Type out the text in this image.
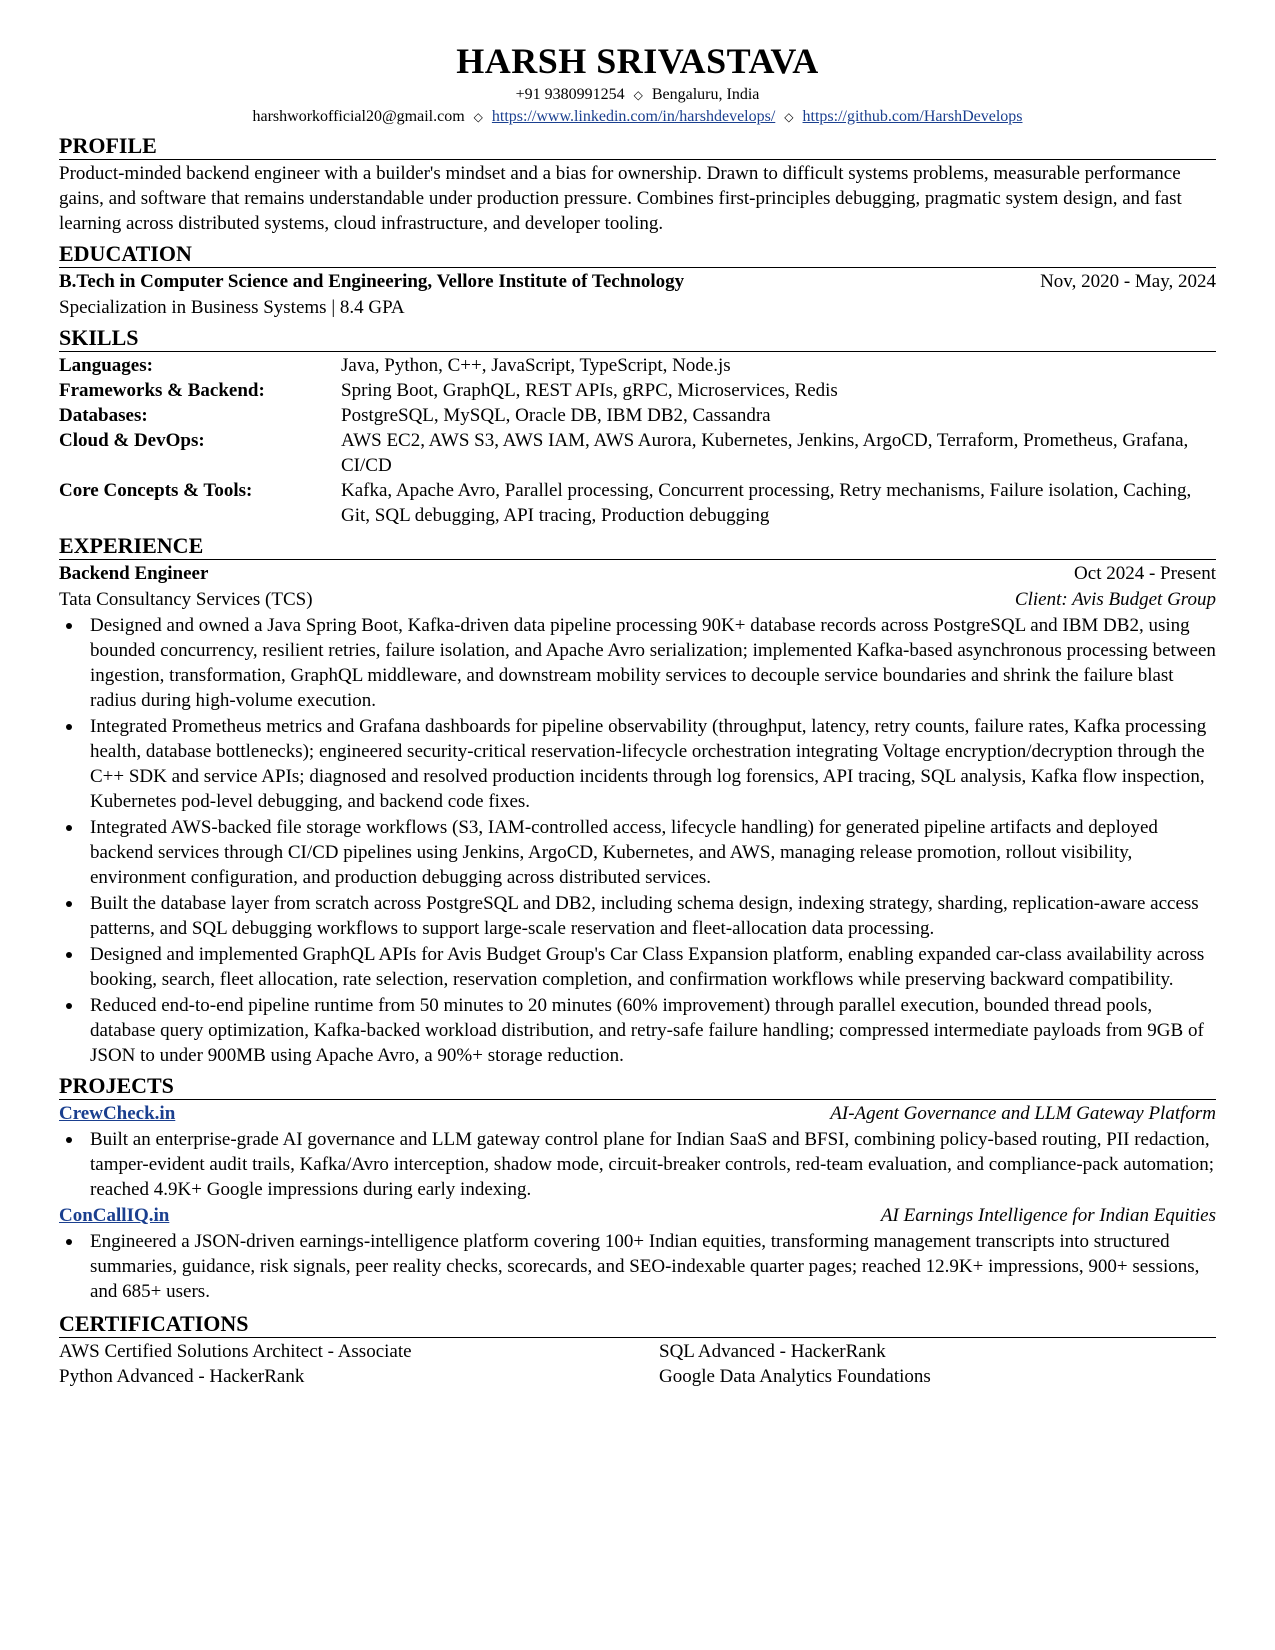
HARSH SRIVASTAVA
+91 9380991254 ◇ Bengaluru, India
harshworkofficial20@gmail.com ◇ https://www.linkedin.com/in/harshdevelops/ ◇ https://github.com/HarshDevelops
PROFILE
Product-minded backend engineer with a builder's mindset and a bias for ownership. Drawn to difficult systems problems, measurable performance gains, and software that remains understandable under production pressure. Combines first-principles debugging, pragmatic system design, and fast learning across distributed systems, cloud infrastructure, and developer tooling.
EDUCATION
B.Tech in Computer Science and Engineering, Vellore Institute of Technology	Nov, 2020 - May, 2024
Specialization in Business Systems | 8.4 GPA
SKILLS
Languages:	Java, Python, C++, JavaScript, TypeScript, Node.js
Frameworks & Backend:	Spring Boot, GraphQL, REST APIs, gRPC, Microservices, Redis
Databases:	PostgreSQL, MySQL, Oracle DB, IBM DB2, Cassandra
Cloud & DevOps:	AWS EC2, AWS S3, AWS IAM, AWS Aurora, Kubernetes, Jenkins, ArgoCD, Terraform, Prometheus, Grafana, CI/CD
Core Concepts & Tools:	Kafka, Apache Avro, Parallel processing, Concurrent processing, Retry mechanisms, Failure isolation, Caching, Git, SQL debugging, API tracing, Production debugging
EXPERIENCE
Backend Engineer	Oct 2024 - Present
Tata Consultancy Services (TCS)	Client: Avis Budget Group
Designed and owned a Java Spring Boot, Kafka-driven data pipeline processing 90K+ database records across PostgreSQL and IBM DB2, using bounded concurrency, resilient retries, failure isolation, and Apache Avro serialization; implemented Kafka-based asynchronous processing between ingestion, transformation, GraphQL middleware, and downstream mobility services to decouple service boundaries and shrink the failure blast radius during high-volume execution.
Integrated Prometheus metrics and Grafana dashboards for pipeline observability (throughput, latency, retry counts, failure rates, Kafka processing health, database bottlenecks); engineered security-critical reservation-lifecycle orchestration integrating Voltage encryption/decryption through the C++ SDK and service APIs; diagnosed and resolved production incidents through log forensics, API tracing, SQL analysis, Kafka flow inspection, Kubernetes pod-level debugging, and backend code fixes.
Integrated AWS-backed file storage workflows (S3, IAM-controlled access, lifecycle handling) for generated pipeline artifacts and deployed backend services through CI/CD pipelines using Jenkins, ArgoCD, Kubernetes, and AWS, managing release promotion, rollout visibility, environment configuration, and production debugging across distributed services.
Built the database layer from scratch across PostgreSQL and DB2, including schema design, indexing strategy, sharding, replication-aware access patterns, and SQL debugging workflows to support large-scale reservation and fleet-allocation data processing.
Designed and implemented GraphQL APIs for Avis Budget Group's Car Class Expansion platform, enabling expanded car-class availability across booking, search, fleet allocation, rate selection, reservation completion, and confirmation workflows while preserving backward compatibility.
Reduced end-to-end pipeline runtime from 50 minutes to 20 minutes (60% improvement) through parallel execution, bounded thread pools, database query optimization, Kafka-backed workload distribution, and retry-safe failure handling; compressed intermediate payloads from 9GB of JSON to under 900MB using Apache Avro, a 90%+ storage reduction.
PROJECTS
CrewCheck.in	AI-Agent Governance and LLM Gateway Platform
Built an enterprise-grade AI governance and LLM gateway control plane for Indian SaaS and BFSI, combining policy-based routing, PII redaction, tamper-evident audit trails, Kafka/Avro interception, shadow mode, circuit-breaker controls, red-team evaluation, and compliance-pack automation; reached 4.9K+ Google impressions during early indexing.
ConCallIQ.in	AI Earnings Intelligence for Indian Equities
Engineered a JSON-driven earnings-intelligence platform covering 100+ Indian equities, transforming management transcripts into structured summaries, guidance, risk signals, peer reality checks, scorecards, and SEO-indexable quarter pages; reached 12.9K+ impressions, 900+ sessions, and 685+ users.
CERTIFICATIONS
AWS Certified Solutions Architect - Associate	SQL Advanced - HackerRank
Python Advanced - HackerRank	Google Data Analytics Foundations
